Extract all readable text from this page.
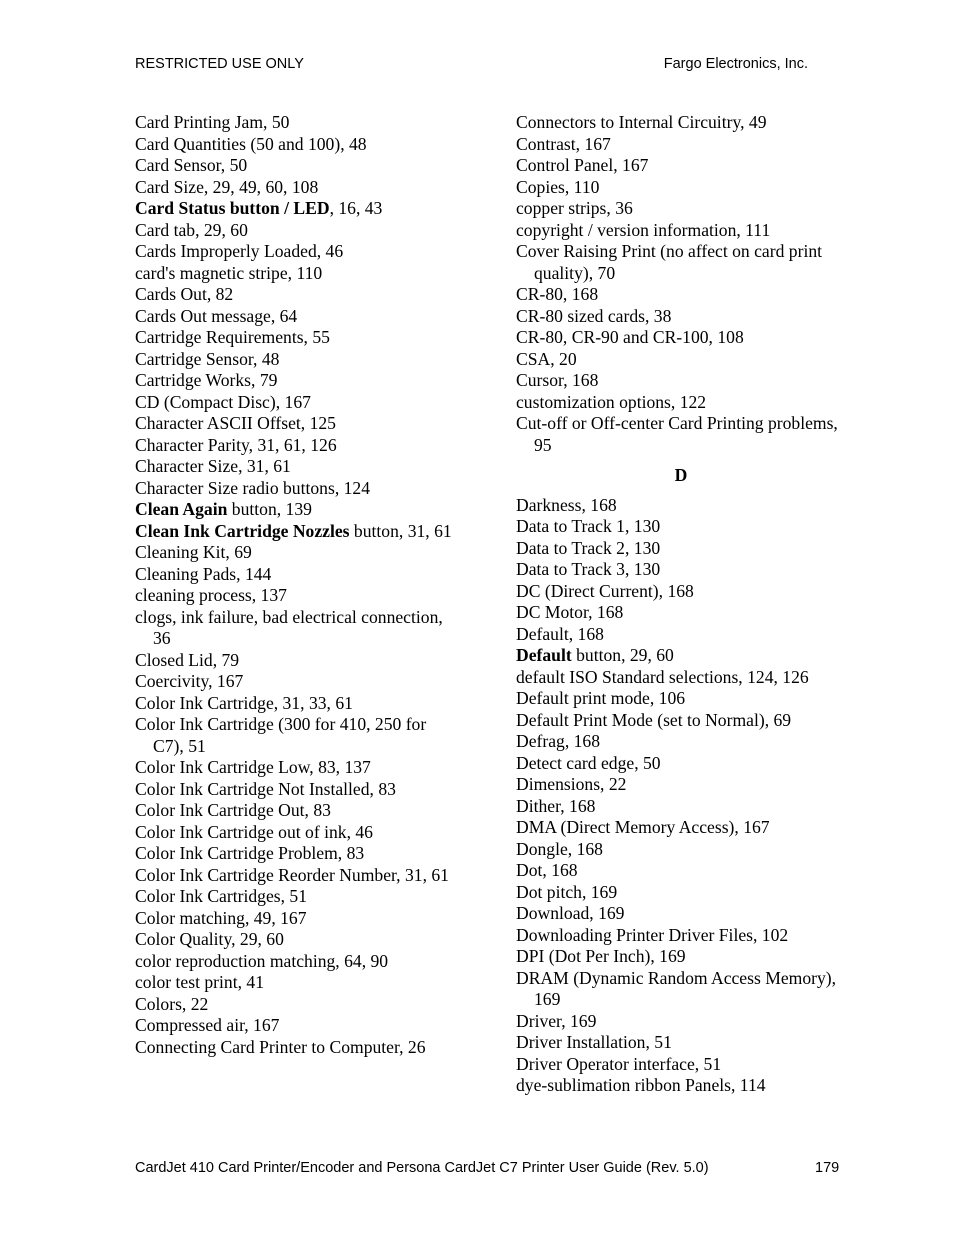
RESTRICTED USE ONLY	Fargo Electronics, Inc.
Card Printing Jam, 50
Card Quantities (50 and 100), 48
Card Sensor, 50
Card Size, 29, 49, 60, 108
Card Status button / LED, 16, 43
Card tab, 29, 60
Cards Improperly Loaded, 46
card's magnetic stripe, 110
Cards Out, 82
Cards Out message, 64
Cartridge Requirements, 55
Cartridge Sensor, 48
Cartridge Works, 79
CD (Compact Disc), 167
Character ASCII Offset, 125
Character Parity, 31, 61, 126
Character Size, 31, 61
Character Size radio buttons, 124
Clean Again button, 139
Clean Ink Cartridge Nozzles button, 31, 61
Cleaning Kit, 69
Cleaning Pads, 144
cleaning process, 137
clogs, ink failure, bad electrical connection, 36
Closed Lid, 79
Coercivity, 167
Color Ink Cartridge, 31, 33, 61
Color Ink Cartridge (300 for 410, 250 for C7), 51
Color Ink Cartridge Low, 83, 137
Color Ink Cartridge Not Installed, 83
Color Ink Cartridge Out, 83
Color Ink Cartridge out of ink, 46
Color Ink Cartridge Problem, 83
Color Ink Cartridge Reorder Number, 31, 61
Color Ink Cartridges, 51
Color matching, 49, 167
Color Quality, 29, 60
color reproduction matching, 64, 90
color test print, 41
Colors, 22
Compressed air, 167
Connecting Card Printer to Computer, 26
Connectors to Internal Circuitry, 49
Contrast, 167
Control Panel, 167
Copies, 110
copper strips, 36
copyright / version information, 111
Cover Raising Print (no affect on card print quality), 70
CR-80, 168
CR-80 sized cards, 38
CR-80, CR-90 and CR-100, 108
CSA, 20
Cursor, 168
customization options, 122
Cut-off or Off-center Card Printing problems, 95
D
Darkness, 168
Data to Track 1, 130
Data to Track 2, 130
Data to Track 3, 130
DC (Direct Current), 168
DC Motor, 168
Default, 168
Default button, 29, 60
default ISO Standard selections, 124, 126
Default print mode, 106
Default Print Mode (set to Normal), 69
Defrag, 168
Detect card edge, 50
Dimensions, 22
Dither, 168
DMA (Direct Memory Access), 167
Dongle, 168
Dot, 168
Dot pitch, 169
Download, 169
Downloading Printer Driver Files, 102
DPI (Dot Per Inch), 169
DRAM (Dynamic Random Access Memory), 169
Driver, 169
Driver Installation, 51
Driver Operator interface, 51
dye-sublimation ribbon Panels, 114
CardJet 410 Card Printer/Encoder and Persona CardJet C7 Printer User Guide (Rev. 5.0)	179
